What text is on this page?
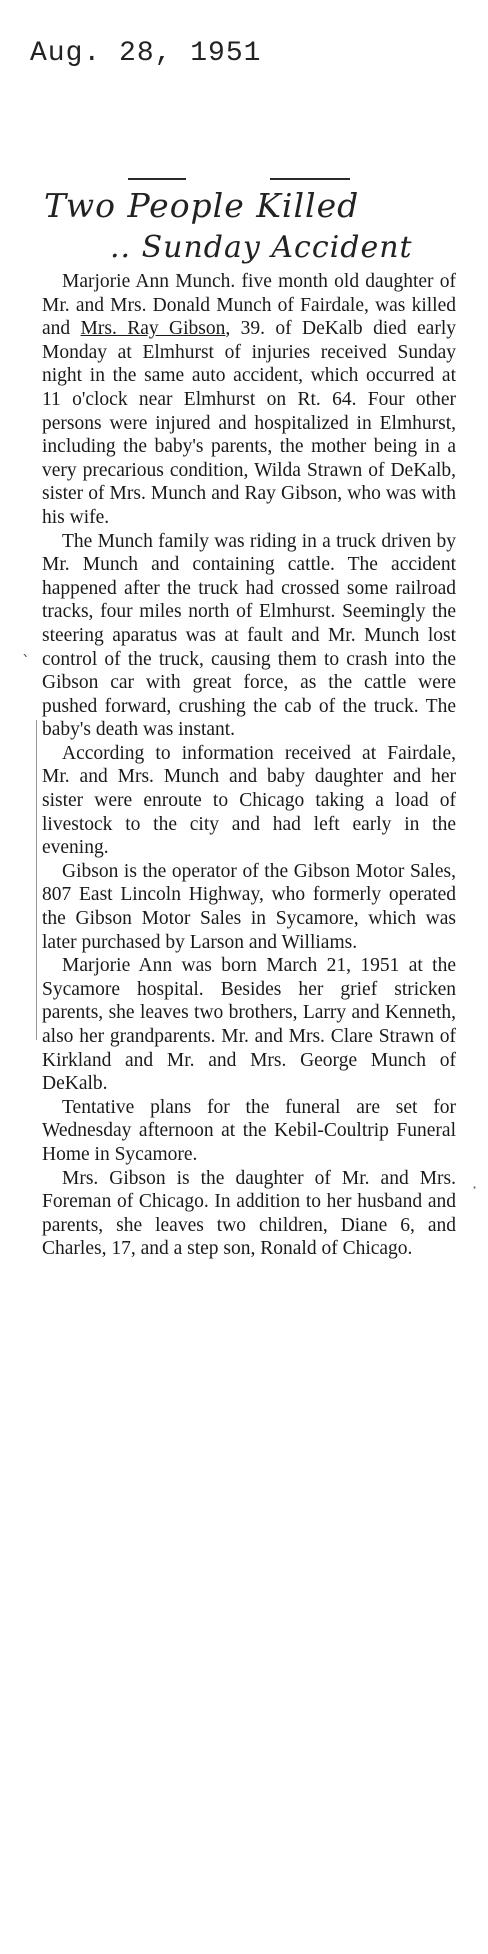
Aug. 28, 1951
Two People Killed
.. Sunday Accident
ˎ
·

Marjorie Ann Munch. five month old daughter of Mr. and Mrs. Donald Munch of Fairdale, was killed and Mrs. Ray Gibson, 39. of DeKalb died early Monday at Elmhurst of injuries received Sunday night in the same auto accident, which occurred at 11 o'clock near Elmhurst on Rt. 64. Four other persons were injured and hospitalized in Elmhurst, including the baby's parents, the mother being in a very precarious condition, Wilda Strawn of DeKalb, sister of Mrs. Munch and Ray Gibson, who was with his wife.

The Munch family was riding in a truck driven by Mr. Munch and containing cattle. The accident happened after the truck had crossed some railroad tracks, four miles north of Elmhurst. Seemingly the steering aparatus was at fault and Mr. Munch lost control of the truck, causing them to crash into the Gibson car with great force, as the cattle were pushed forward, crushing the cab of the truck. The baby's death was instant.

According to information received at Fairdale, Mr. and Mrs. Munch and baby daughter and her sister were enroute to Chicago taking a load of livestock to the city and had left early in the evening.

Gibson is the operator of the Gibson Motor Sales, 807 East Lincoln Highway, who formerly operated the Gibson Motor Sales in Sycamore, which was later purchased by Larson and Williams.

Marjorie Ann was born March 21, 1951 at the Sycamore hospital. Besides her grief stricken parents, she leaves two brothers, Larry and Kenneth, also her grandparents. Mr. and Mrs. Clare Strawn of Kirkland and Mr. and Mrs. George Munch of DeKalb.

Tentative plans for the funeral are set for Wednesday afternoon at the Kebil-Coultrip Funeral Home in Sycamore.

Mrs. Gibson is the daughter of Mr. and Mrs. Foreman of Chicago. In addition to her husband and parents, she leaves two children, Diane 6, and Charles, 17, and a step son, Ronald of Chicago.
